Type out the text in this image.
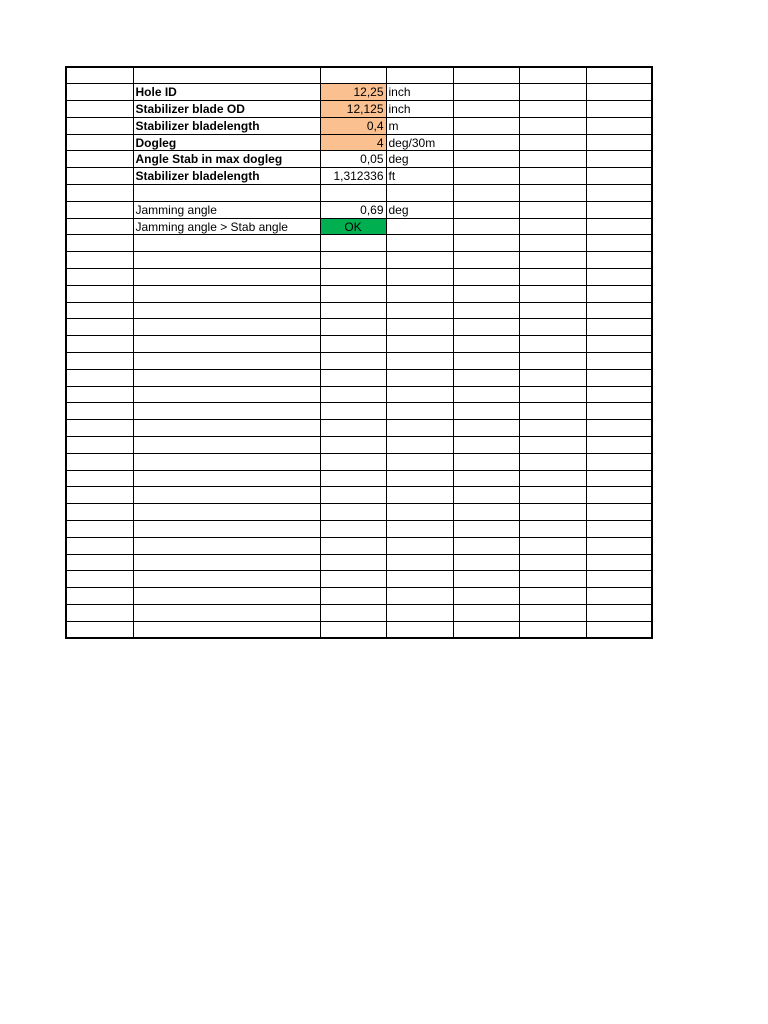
	Hole ID	12,25	inch			
	Stabilizer blade OD	12,125	inch			
	Stabilizer bladelength	0,4	m			
	Dogleg	4	deg/30m			
	Angle Stab in max dogleg	0,05	deg			
	Stabilizer bladelength	1,312336	ft			

	Jamming angle	0,69	deg			
	Jamming angle > Stab angle	OK				
